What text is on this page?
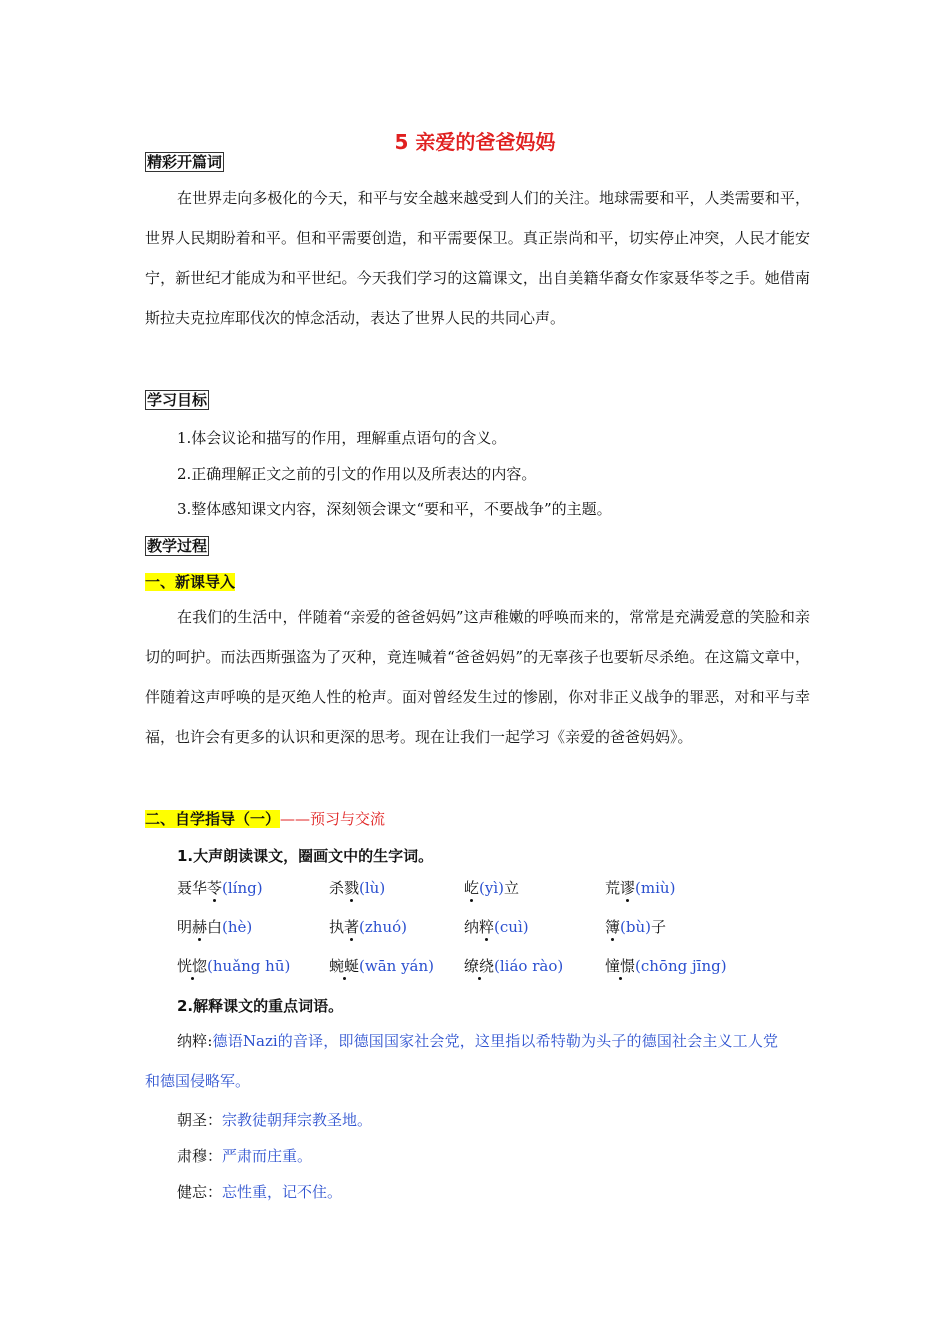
5 亲爱的爸爸妈妈
精彩开篇词

在世界走向多极化的今天，和平与安全越来越受到人们的关注。地球需要和平，人类需要和平，世界人民期盼着和平。但和平需要创造，和平需要保卫。真正崇尚和平，切实停止冲突，人民才能安宁，新世纪才能成为和平世纪。今天我们学习的这篇课文，出自美籍华裔女作家聂华苓之手。她借南斯拉夫克拉库耶伐次的悼念活动，表达了世界人民的共同心声。

学习目标
1.体会议论和描写的作用，理解重点语句的含义。
2.正确理解正文之前的引文的作用以及所表达的内容。
3.整体感知课文内容，深刻领会课文“要和平，不要战争”的主题。
教学过程
一、新课导入

在我们的生活中，伴随着“亲爱的爸爸妈妈”这声稚嫩的呼唤而来的，常常是充满爱意的笑脸和亲切的呵护。而法西斯强盗为了灭种，竟连喊着“爸爸妈妈”的无辜孩子也要斩尽杀绝。在这篇文章中，伴随着这声呼唤的是灭绝人性的枪声。面对曾经发生过的惨剧，你对非正义战争的罪恶，对和平与幸福，也许会有更多的认识和更深的思考。现在让我们一起学习《亲爱的爸爸妈妈》。

二、自学指导（一）——预习与交流
1.大声朗读课文，圈画文中的生字词。
聂华苓(líng)	杀戮(lù)	屹(yì)立	荒谬(miù)
明赫白(hè)	执著(zhuó)	纳粹(cuì)	簿(bù)子
恍惚(huǎng hū)	蜿蜒(wān yán) 缭绕(liáo rào)	憧憬(chōng jīng)
2.解释课文的重点词语。

纳粹:德语Nazi的音译，即德国国家社会党，这里指以希特勒为头子的德国社会主义工人党和德国侵略军。

朝圣：宗教徒朝拜宗教圣地。
肃穆：严肃而庄重。
健忘：忘性重，记不住。
